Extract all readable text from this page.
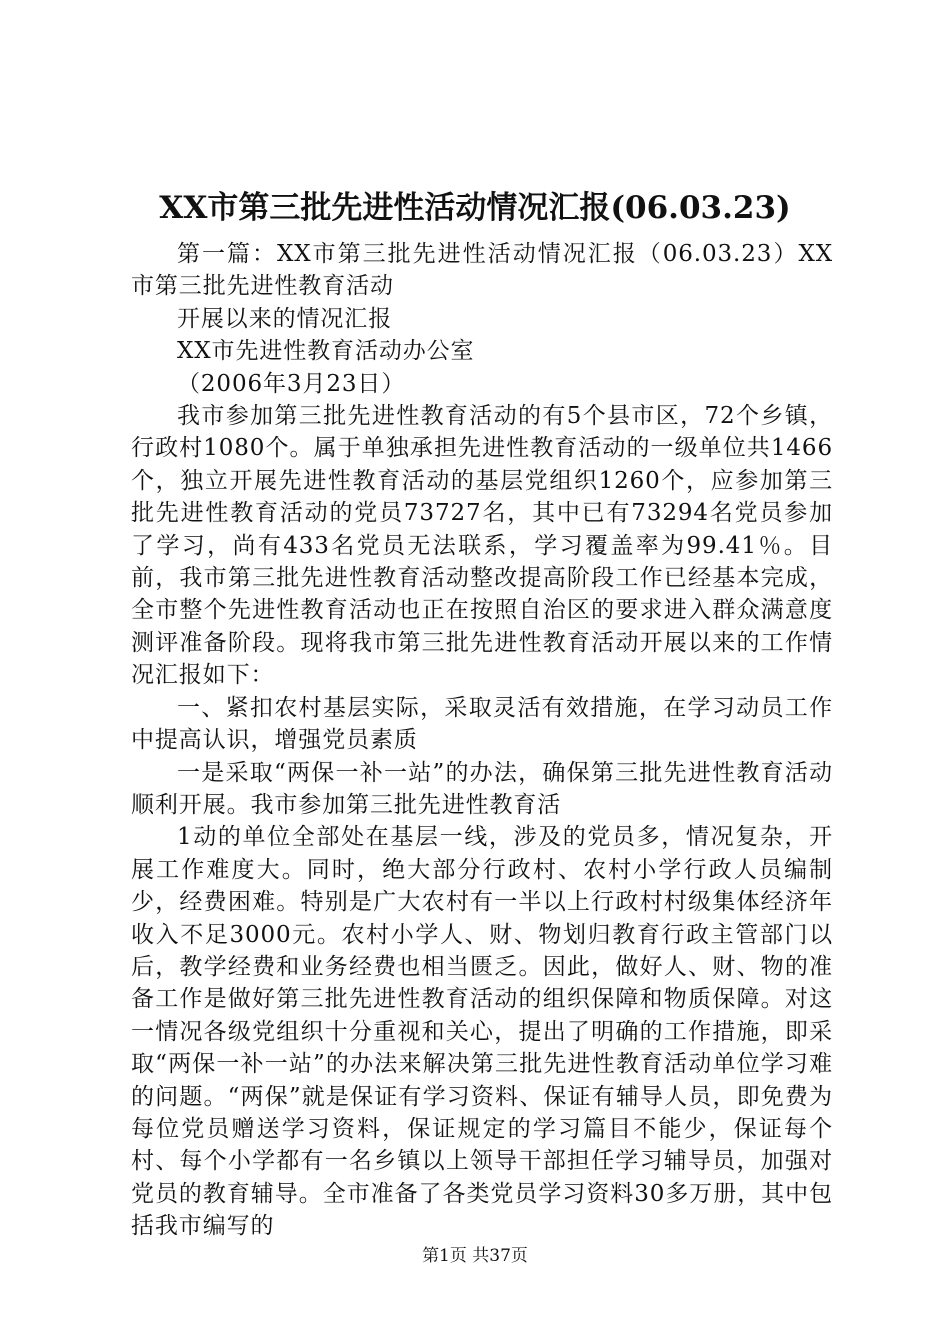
XX市第三批先进性活动情况汇报(06.03.23)

第一篇：XX市第三批先进性活动情况汇报（06.03.23）XX市第三批先进性教育活动

开展以来的情况汇报

XX市先进性教育活动办公室

（2006年3月23日）

我市参加第三批先进性教育活动的有5个县市区，72个乡镇，行政村1080个。属于单独承担先进性教育活动的一级单位共1466个，独立开展先进性教育活动的基层党组织1260个，应参加第三批先进性教育活动的党员73727名，其中已有73294名党员参加了学习，尚有433名党员无法联系，学习覆盖率为99.41％。目前，我市第三批先进性教育活动整改提高阶段工作已经基本完成，全市整个先进性教育活动也正在按照自治区的要求进入群众满意度测评准备阶段。现将我市第三批先进性教育活动开展以来的工作情况汇报如下：

一、紧扣农村基层实际，采取灵活有效措施，在学习动员工作中提高认识，增强党员素质

一是采取“两保一补一站”的办法，确保第三批先进性教育活动顺利开展。我市参加第三批先进性教育活

1动的单位全部处在基层一线，涉及的党员多，情况复杂，开展工作难度大。同时，绝大部分行政村、农村小学行政人员编制少，经费困难。特别是广大农村有一半以上行政村村级集体经济年收入不足3000元。农村小学人、财、物划归教育行政主管部门以后，教学经费和业务经费也相当匮乏。因此，做好人、财、物的准备工作是做好第三批先进性教育活动的组织保障和物质保障。对这一情况各级党组织十分重视和关心，提出了明确的工作措施，即采取“两保一补一站”的办法来解决第三批先进性教育活动单位学习难的问题。“两保”就是保证有学习资料、保证有辅导人员，即免费为每位党员赠送学习资料，保证规定的学习篇目不能少，保证每个村、每个小学都有一名乡镇以上领导干部担任学习辅导员，加强对党员的教育辅导。全市准备了各类党员学习资料30多万册，其中包括我市编写的

第1页 共37页
